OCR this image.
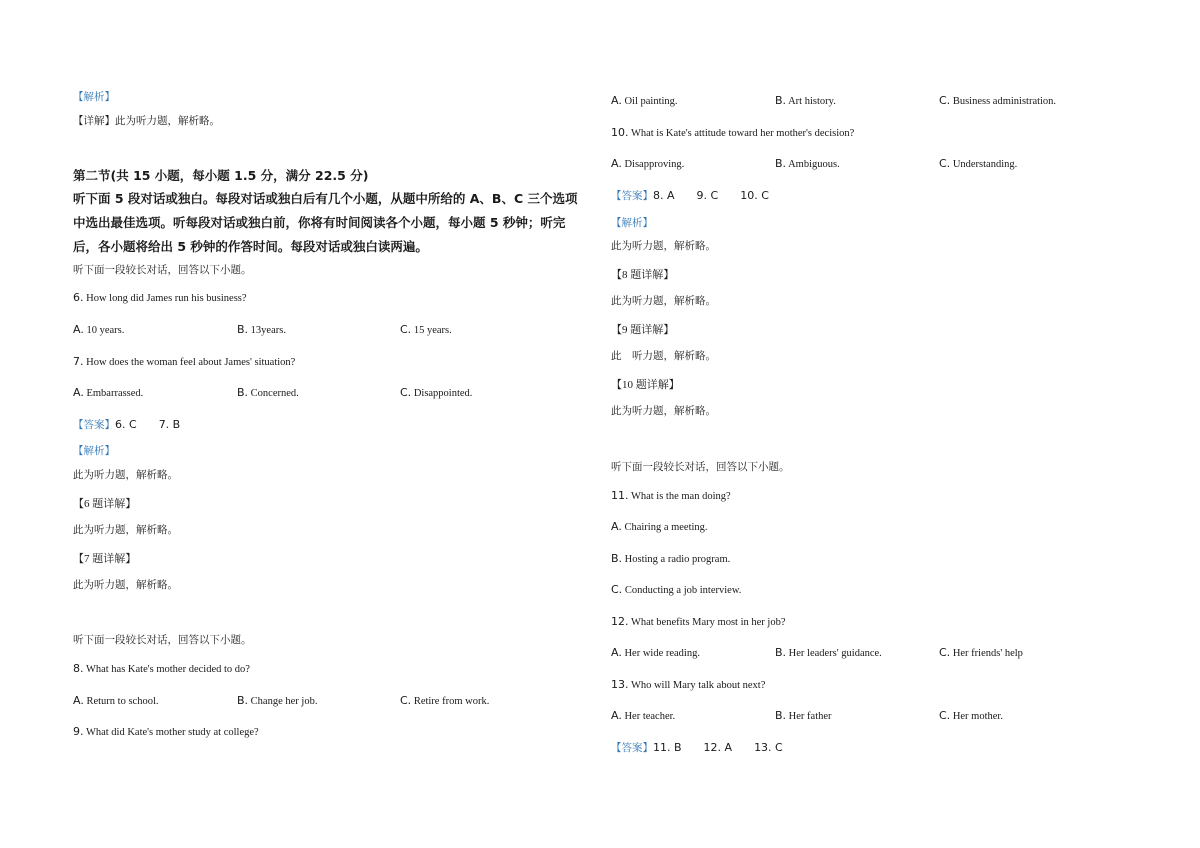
【解析】
【详解】此为听力题，解析略。
第二节(共 15 小题，每小题 1.5 分，满分 22.5 分)
听下面 5 段对话或独白。每段对话或独白后有几个小题，从题中所给的 A、B、C 三个选项中选出最佳选项。听每段对话或独白前，你将有时间阅读各个小题，每小题 5 秒钟；听完后，各小题将给出 5 秒钟的作答时间。每段对话或独白读两遍。
听下面一段较长对话，回答以下小题。
6. How long did James run his business?
A. 10 years.	B. 13years.	C. 15 years.
7. How does the woman feel about James' situation?
A. Embarrassed.	B. Concerned.	C. Disappointed.
【答案】6. C 7. B
【解析】
此为听力题，解析略。
【6 题详解】
此为听力题，解析略。
【7 题详解】
此为听力题，解析略。
听下面一段较长对话，回答以下小题。
8. What has Kate's mother decided to do?
A. Return to school.	B. Change her job.	C. Retire from work.
9. What did Kate's mother study at college?
A. Oil painting.	B. Art history.	C. Business administration.
10. What is Kate's attitude toward her mother's decision?
A. Disapproving.	B. Ambiguous.	C. Understanding.
【答案】8. A 9. C 10. C
【解析】
此为听力题，解析略。
【8 题详解】
此为听力题，解析略。
【9 题详解】
此    听力题，解析略。
【10 题详解】
此为听力题，解析略。
听下面一段较长对话，回答以下小题。
11. What is the man doing?
A. Chairing a meeting.
B. Hosting a radio program.
C. Conducting a job interview.
12. What benefits Mary most in her job?
A. Her wide reading.	B. Her leaders' guidance.	C. Her friends' help
13. Who will Mary talk about next?
A. Her teacher.	B. Her father	C. Her mother.
【答案】11. B 12. A 13. C
